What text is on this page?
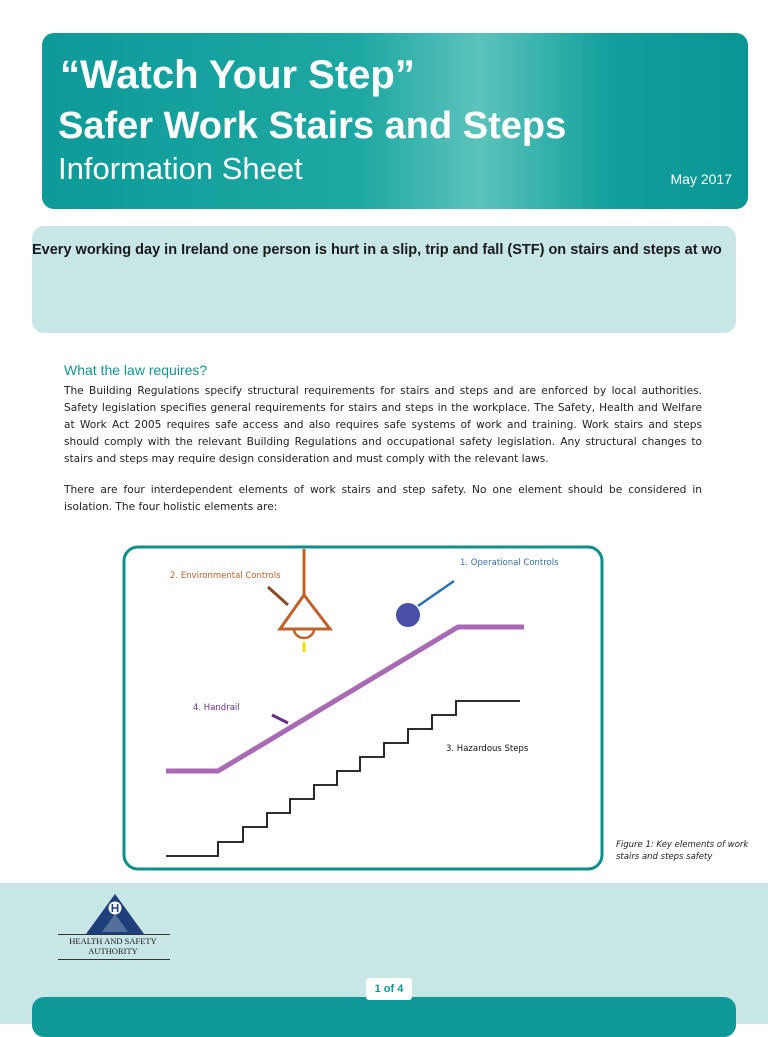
“Watch Your Step”
Safer Work Stairs and Steps
Information Sheet	May 2017
Every working day in Ireland one person is hurt in a slip, trip and fall (STF) on stairs and steps at wo
What the law requires?

The Building Regulations specify structural requirements for stairs and steps and are enforced by local authorities. Safety legislation specifies general requirements for stairs and steps in the workplace. The Safety, Health and Welfare at Work Act 2005 requires safe access and also requires safe systems of work and training. Work stairs and steps should comply with the relevant Building Regulations and occupational safety legislation. Any structural changes to stairs and steps may require design consideration and must comply with the relevant laws.

There are four interdependent elements of work stairs and step safety. No one element should be considered in isolation. The four holistic elements are:

2. Environmental Controls
1. Operational Controls
4. Handrail
3. Hazardous Steps

Figure 1: Key elements of work stairs and steps safety

HEALTH AND SAFETY
AUTHORITY
1 of 4
